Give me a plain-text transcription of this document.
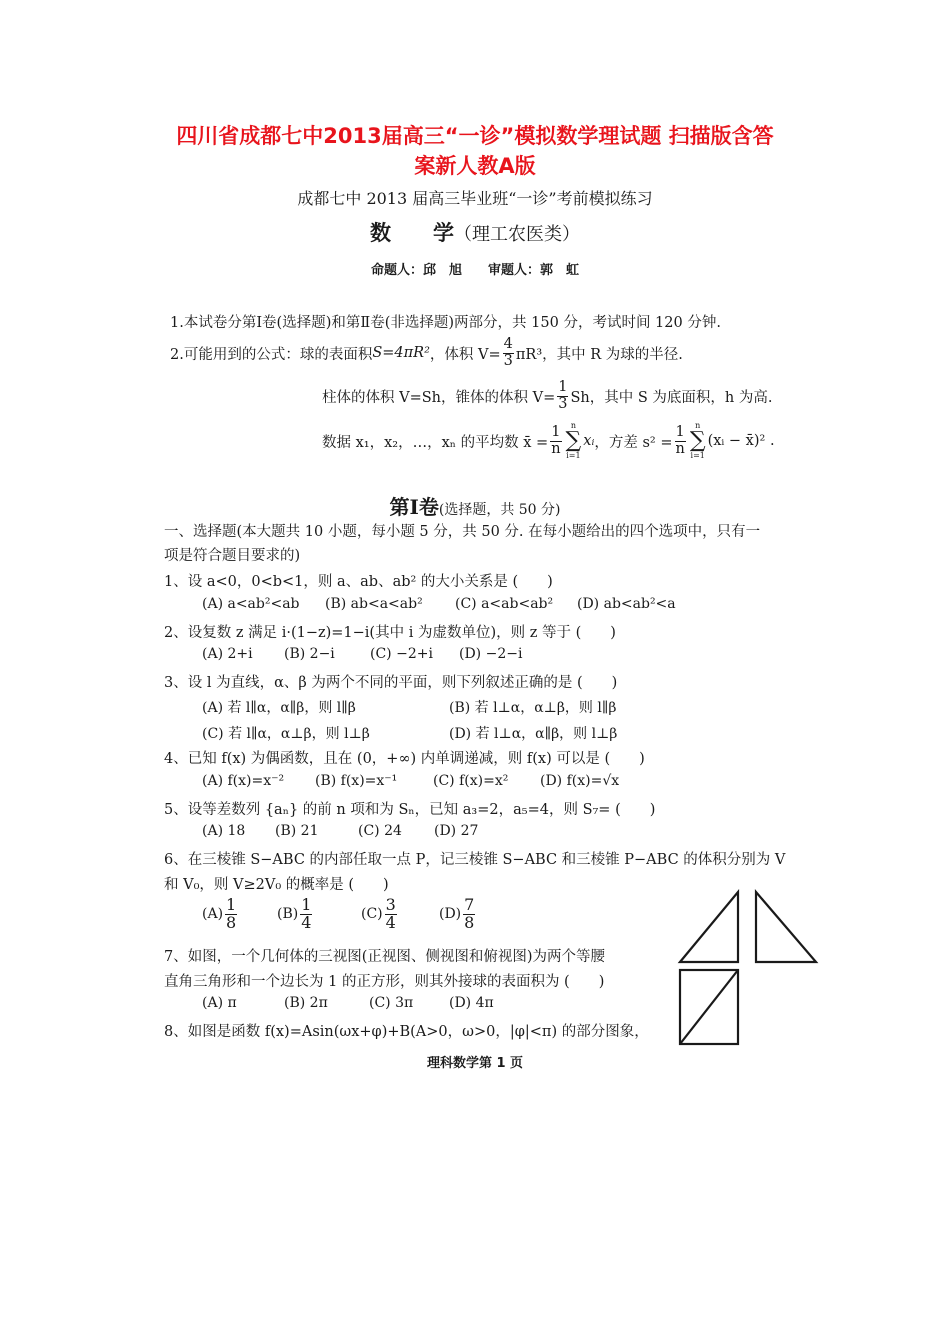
四川省成都七中2013届高三“一诊”模拟数学理试题 扫描版含答
案新人教A版
成都七中 2013 届高三毕业班“一诊”考前模拟练习
数　　学（理工农医类）
命题人：邱　旭　　审题人：郭　虹
1.本试卷分第Ⅰ卷(选择题)和第Ⅱ卷(非选择题)两部分，共 150 分，考试时间 120 分钟.
2.可能用到的公式：球的表面积 S=4πR² ，体积 $V= \frac{4}{3} \pi R^3$，其中 R 为球的半径.
柱体的体积 V=Sh，锥体的体积 $V= \frac{1}{3}$ Sh，其中 S 为底面积，h 为高.
数据 x₁，x₂，…，xₙ 的平均数 x̄ = $\frac{1}{n}$	n
∑
i=1
xᵢ ，方差 $s^2 = \frac{1}{n}$	n
∑
i=1
(xᵢ − x̄)² .
第Ⅰ卷(选择题，共 50 分)
一、选择题(本大题共 10 小题，每小题 5 分，共 50 分. 在每小题给出的四个选项中，只有一
项是符合题目要求的)
1、设 a<0，0<b<1，则 a、ab、ab² 的大小关系是 (　　)
(A) a<ab²<ab (B) ab<a<ab² (C) a<ab<ab² (D) ab<ab²<a
2、设复数 z 满足 i·(1−z)=1−i(其中 i 为虚数单位)，则 z 等于 (　　)
(A) 2+i (B) 2−i	(C) −2+i (D) −2−i
3、设 l 为直线，α、β 为两个不同的平面，则下列叙述正确的是 (　　)
(A) 若 l∥α，α∥β，则 l∥β	(B) 若 l⊥α，α⊥β，则 l∥β
(C) 若 l∥α，α⊥β，则 l⊥β	(D) 若 l⊥α，α∥β，则 l⊥β
4、已知 f(x) 为偶函数，且在 (0，+∞) 内单调递减，则 f(x) 可以是 (　　)
(A) f(x)=x⁻² (B) f(x)=x⁻¹	(C) f(x)=x² (D) f(x)=√x
5、设等差数列 {aₙ} 的前 n 项和为 Sₙ，已知 a₃=2，a₅=4，则 S₇= (　　)
(A) 18 (B) 21	(C) 24 (D) 27
6、在三棱锥 S−ABC 的内部任取一点 P，记三棱锥 S−ABC 和三棱锥 P−ABC 的体积分别为 V
和 V₀，则 V≥2V₀ 的概率是 (　　)
$(A) \frac{1}{8}$	$(B) \frac{1}{4}$	$(C) \frac{3}{4}$	$(D) \frac{7}{8}$
7、如图，一个几何体的三视图(正视图、侧视图和俯视图)为两个等腰
直角三角形和一个边长为 1 的正方形，则其外接球的表面积为 (　　)
(A) π	(B) 2π	(C) 3π	(D) 4π
8、如图是函数 f(x)=Asin(ωx+φ)+B(A>0，ω>0，|φ|<π) 的部分图象，
理科数学第 1 页
